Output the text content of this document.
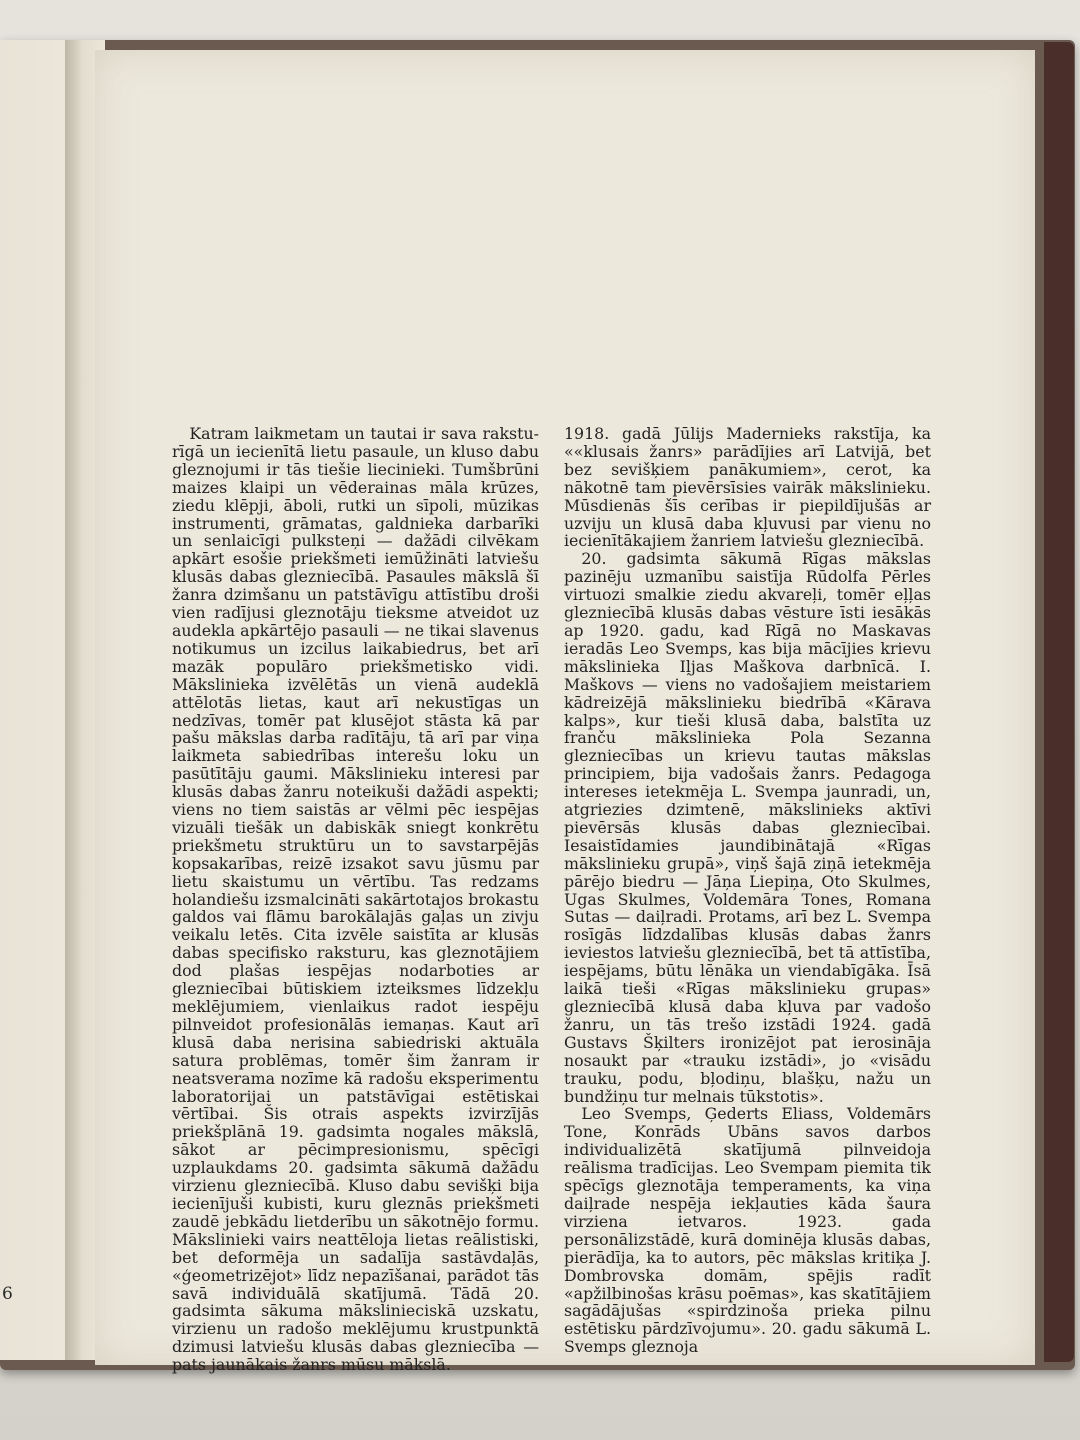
6

Katram laikmetam un tautai ir sava rakstu-rīgā un iecienītā lietu pasaule, un kluso dabu gleznojumi ir tās tiešie liecinieki. Tumšbrūni maizes klaipi un vēderainas māla krūzes, ziedu klēpji, āboli, rutki un sīpoli, mūzikas instrumenti, grāmatas, galdnieka darbarīki un senlaicīgi pulksteņi — dažādi cilvēkam apkārt esošie priekšmeti iemūžināti latviešu klusās dabas glezniecībā. Pasaules mākslā šī žanra dzimšanu un patstāvīgu attīstību droši vien radījusi gleznotāju tieksme atveidot uz audekla apkārtējo pasauli — ne tikai slavenus notikumus un izcilus laikabiedrus, bet arī mazāk populāro priekšmetisko vidi. Mākslinieka izvēlētās un vienā audeklā attēlotās lietas, kaut arī nekustīgas un nedzīvas, tomēr pat klusējot stāsta kā par pašu mākslas darba radītāju, tā arī par viņa laikmeta sabiedrības interešu loku un pasūtītāju gaumi. Mākslinieku interesi par klusās dabas žanru noteikuši dažādi aspekti; viens no tiem saistās ar vēlmi pēc iespējas vizuāli tiešāk un dabiskāk sniegt konkrētu priekšmetu struktūru un to savstarpējās kopsakarības, reizē izsakot savu jūsmu par lietu skaistumu un vērtību. Tas redzams holandiešu izsmalcināti sakārtotajos brokastu galdos vai flāmu barokālajās gaļas un zivju veikalu letēs. Cita izvēle saistīta ar klusās dabas specifisko raksturu, kas gleznotājiem dod plašas iespējas nodarboties ar glezniecībai būtiskiem izteiksmes līdzekļu meklējumiem, vienlaikus radot iespēju pilnveidot profesionālās iemaņas. Kaut arī klusā daba nerisina sabiedriski aktuāla satura problēmas, tomēr šim žanram ir neatsverama nozīme kā radošu eksperimentu laboratorijai un patstāvīgai estētiskai vērtībai. Šis otrais aspekts izvirzījās priekšplānā 19. gadsimta nogales mākslā, sākot ar pēcimpresionismu, spēcīgi uzplaukdams 20. gadsimta sākumā dažādu virzienu glezniecībā. Kluso dabu sevišķi bija iecienījuši kubisti, kuru gleznās priekšmeti zaudē jebkādu lietderību un sākotnējo formu. Mākslinieki vairs neattēloja lietas reālistiski, bet deformēja un sadalīja sastāvdaļās, «ģeometrizējot» līdz nepazīšanai, parādot tās savā individuālā skatījumā. Tādā 20. gadsimta sākuma mākslinieciskā uzskatu, virzienu un radošo meklējumu krustpunktā dzimusi latviešu klusās dabas glezniecība — pats jaunākais žanrs mūsu mākslā.

1918. gadā Jūlijs Madernieks rakstīja, ka ««klusais žanrs» parādījies arī Latvijā, bet bez sevišķiem panākumiem», cerot, ka nākotnē tam pievērsīsies vairāk mākslinieku. Mūsdienās šīs cerības ir piepildījušās ar uzviju un klusā daba kļuvusi par vienu no iecienītākajiem žanriem latviešu glezniecībā.

20. gadsimta sākumā Rīgas mākslas pazinēju uzmanību saistīja Rūdolfa Pērles virtuozi smalkie ziedu akvareļi, tomēr eļļas glezniecībā klusās dabas vēsture īsti iesākās ap 1920. gadu, kad Rīgā no Maskavas ieradās Leo Svemps, kas bija mācījies krievu mākslinieka Iļjas Maškova darbnīcā. I. Maškovs — viens no vadošajiem meistariem kādreizējā mākslinieku biedrībā «Kārava kalps», kur tieši klusā daba, balstīta uz franču mākslinieka Pola Sezanna glezniecības un krievu tautas mākslas principiem, bija vadošais žanrs. Pedagoga intereses ietekmēja L. Svempa jaunradi, un, atgriezies dzimtenē, mākslinieks aktīvi pievērsās klusās dabas glezniecībai. Iesaistīdamies jaundibinātajā «Rīgas mākslinieku grupā», viņš šajā ziņā ietekmēja pārējo biedru — Jāņa Liepiņa, Oto Skulmes, Ugas Skulmes, Voldemāra Tones, Romana Sutas — daiļradi. Protams, arī bez L. Svempa rosīgās līdzdalības klusās dabas žanrs ieviestos latviešu glezniecībā, bet tā attīstība, iespējams, būtu lēnāka un viendabīgāka. Īsā laikā tieši «Rīgas mākslinieku grupas» glezniecībā klusā daba kļuva par vadošo žanru, un tās trešo izstādi 1924. gadā Gustavs Šķilters ironizējot pat ierosināja nosaukt par «trauku izstādi», jo «visādu trauku, podu, bļodiņu, blašķu, nažu un bundžiņu tur melnais tūkstotis».

Leo Svemps, Ģederts Eliass, Voldemārs Tone, Konrāds Ubāns savos darbos individualizētā skatījumā pilnveidoja reālisma tradīcijas. Leo Svempam piemita tik spēcīgs gleznotāja temperaments, ka viņa daiļrade nespēja iekļauties kāda šaura virziena ietvaros. 1923. gada personālizstādē, kurā dominēja klusās dabas, pierādīja, ka to autors, pēc mākslas kritiķa J. Dombrovska domām, spējis radīt «apžilbinošas krāsu poēmas», kas skatītājiem sagādājušas «spirdzinoša prieka pilnu estētisku pārdzīvojumu». 20. gadu sākumā L. Svemps gleznoja
